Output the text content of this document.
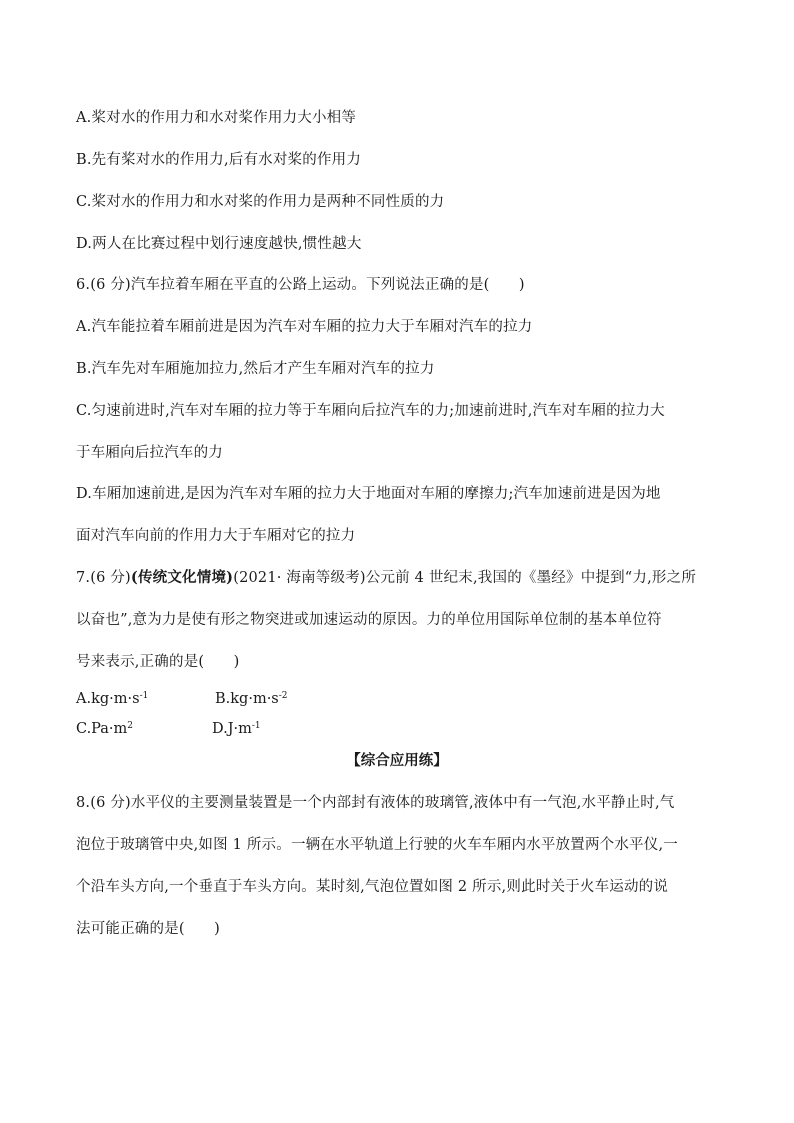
A.桨对水的作用力和水对桨作用力大小相等
B.先有桨对水的作用力,后有水对桨的作用力
C.桨对水的作用力和水对桨的作用力是两种不同性质的力
D.两人在比赛过程中划行速度越快,惯性越大
6.(6 分)汽车拉着车厢在平直的公路上运动。下列说法正确的是(　　)
A.汽车能拉着车厢前进是因为汽车对车厢的拉力大于车厢对汽车的拉力
B.汽车先对车厢施加拉力,然后才产生车厢对汽车的拉力
C.匀速前进时,汽车对车厢的拉力等于车厢向后拉汽车的力;加速前进时,汽车对车厢的拉力大
于车厢向后拉汽车的力
D.车厢加速前进,是因为汽车对车厢的拉力大于地面对车厢的摩擦力;汽车加速前进是因为地
面对汽车向前的作用力大于车厢对它的拉力
7.(6 分)(传统文化情境)(2021· 海南等级考)公元前 4 世纪末,我国的《墨经》中提到“力,形之所
以奋也”,意为力是使有形之物突进或加速运动的原因。力的单位用国际单位制的基本单位符
号来表示,正确的是(　　)
$A.kg\cdot m\cdot s^{-1}$	$B.kg\cdot m\cdot s^{-2}$
$C.Pa\cdot m^2$	$D.J\cdot m^{-1}$
【综合应用练】
8.(6 分)水平仪的主要测量装置是一个内部封有液体的玻璃管,液体中有一气泡,水平静止时,气
泡位于玻璃管中央,如图 1 所示。一辆在水平轨道上行驶的火车车厢内水平放置两个水平仪,一
个沿车头方向,一个垂直于车头方向。某时刻,气泡位置如图 2 所示,则此时关于火车运动的说
法可能正确的是(　　)
